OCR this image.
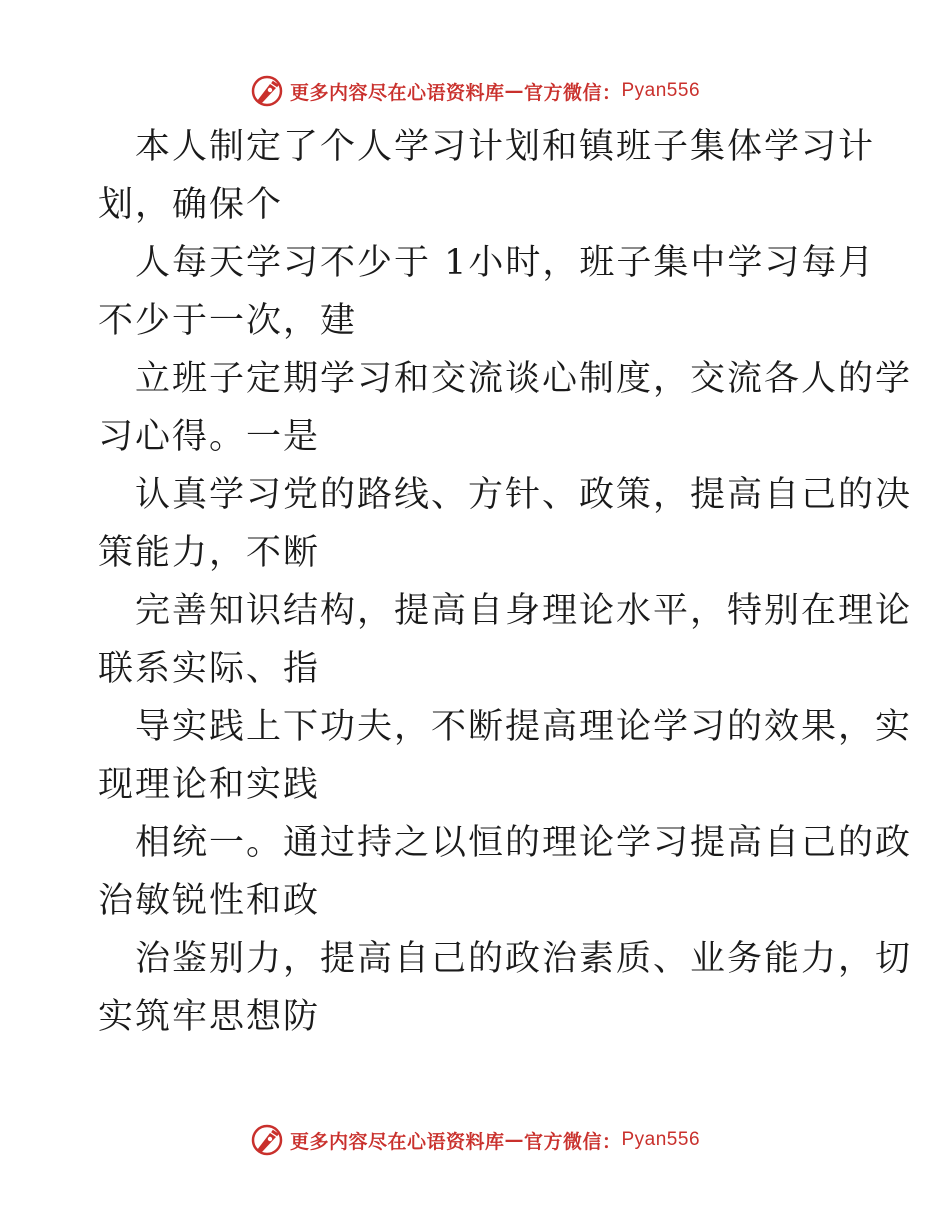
更多内容尽在心语资料库 — 官方微信： Pyan556
本人制定了个人学习计划和镇班子集体学习计
划，确保个
人每天学习不少于 1小时，班子集中学习每月
不少于一次，建
立班子定期学习和交流谈心制度，交流各人的学
习心得。一是
认真学习党的路线、方针、政策，提高自己的决
策能力，不断
完善知识结构，提高自身理论水平，特别在理论
联系实际、指
导实践上下功夫，不断提高理论学习的效果，实
现理论和实践
相统一。通过持之以恒的理论学习提高自己的政
治敏锐性和政
治鉴别力，提高自己的政治素质、业务能力，切
实筑牢思想防
更多内容尽在心语资料库 — 官方微信： Pyan556
